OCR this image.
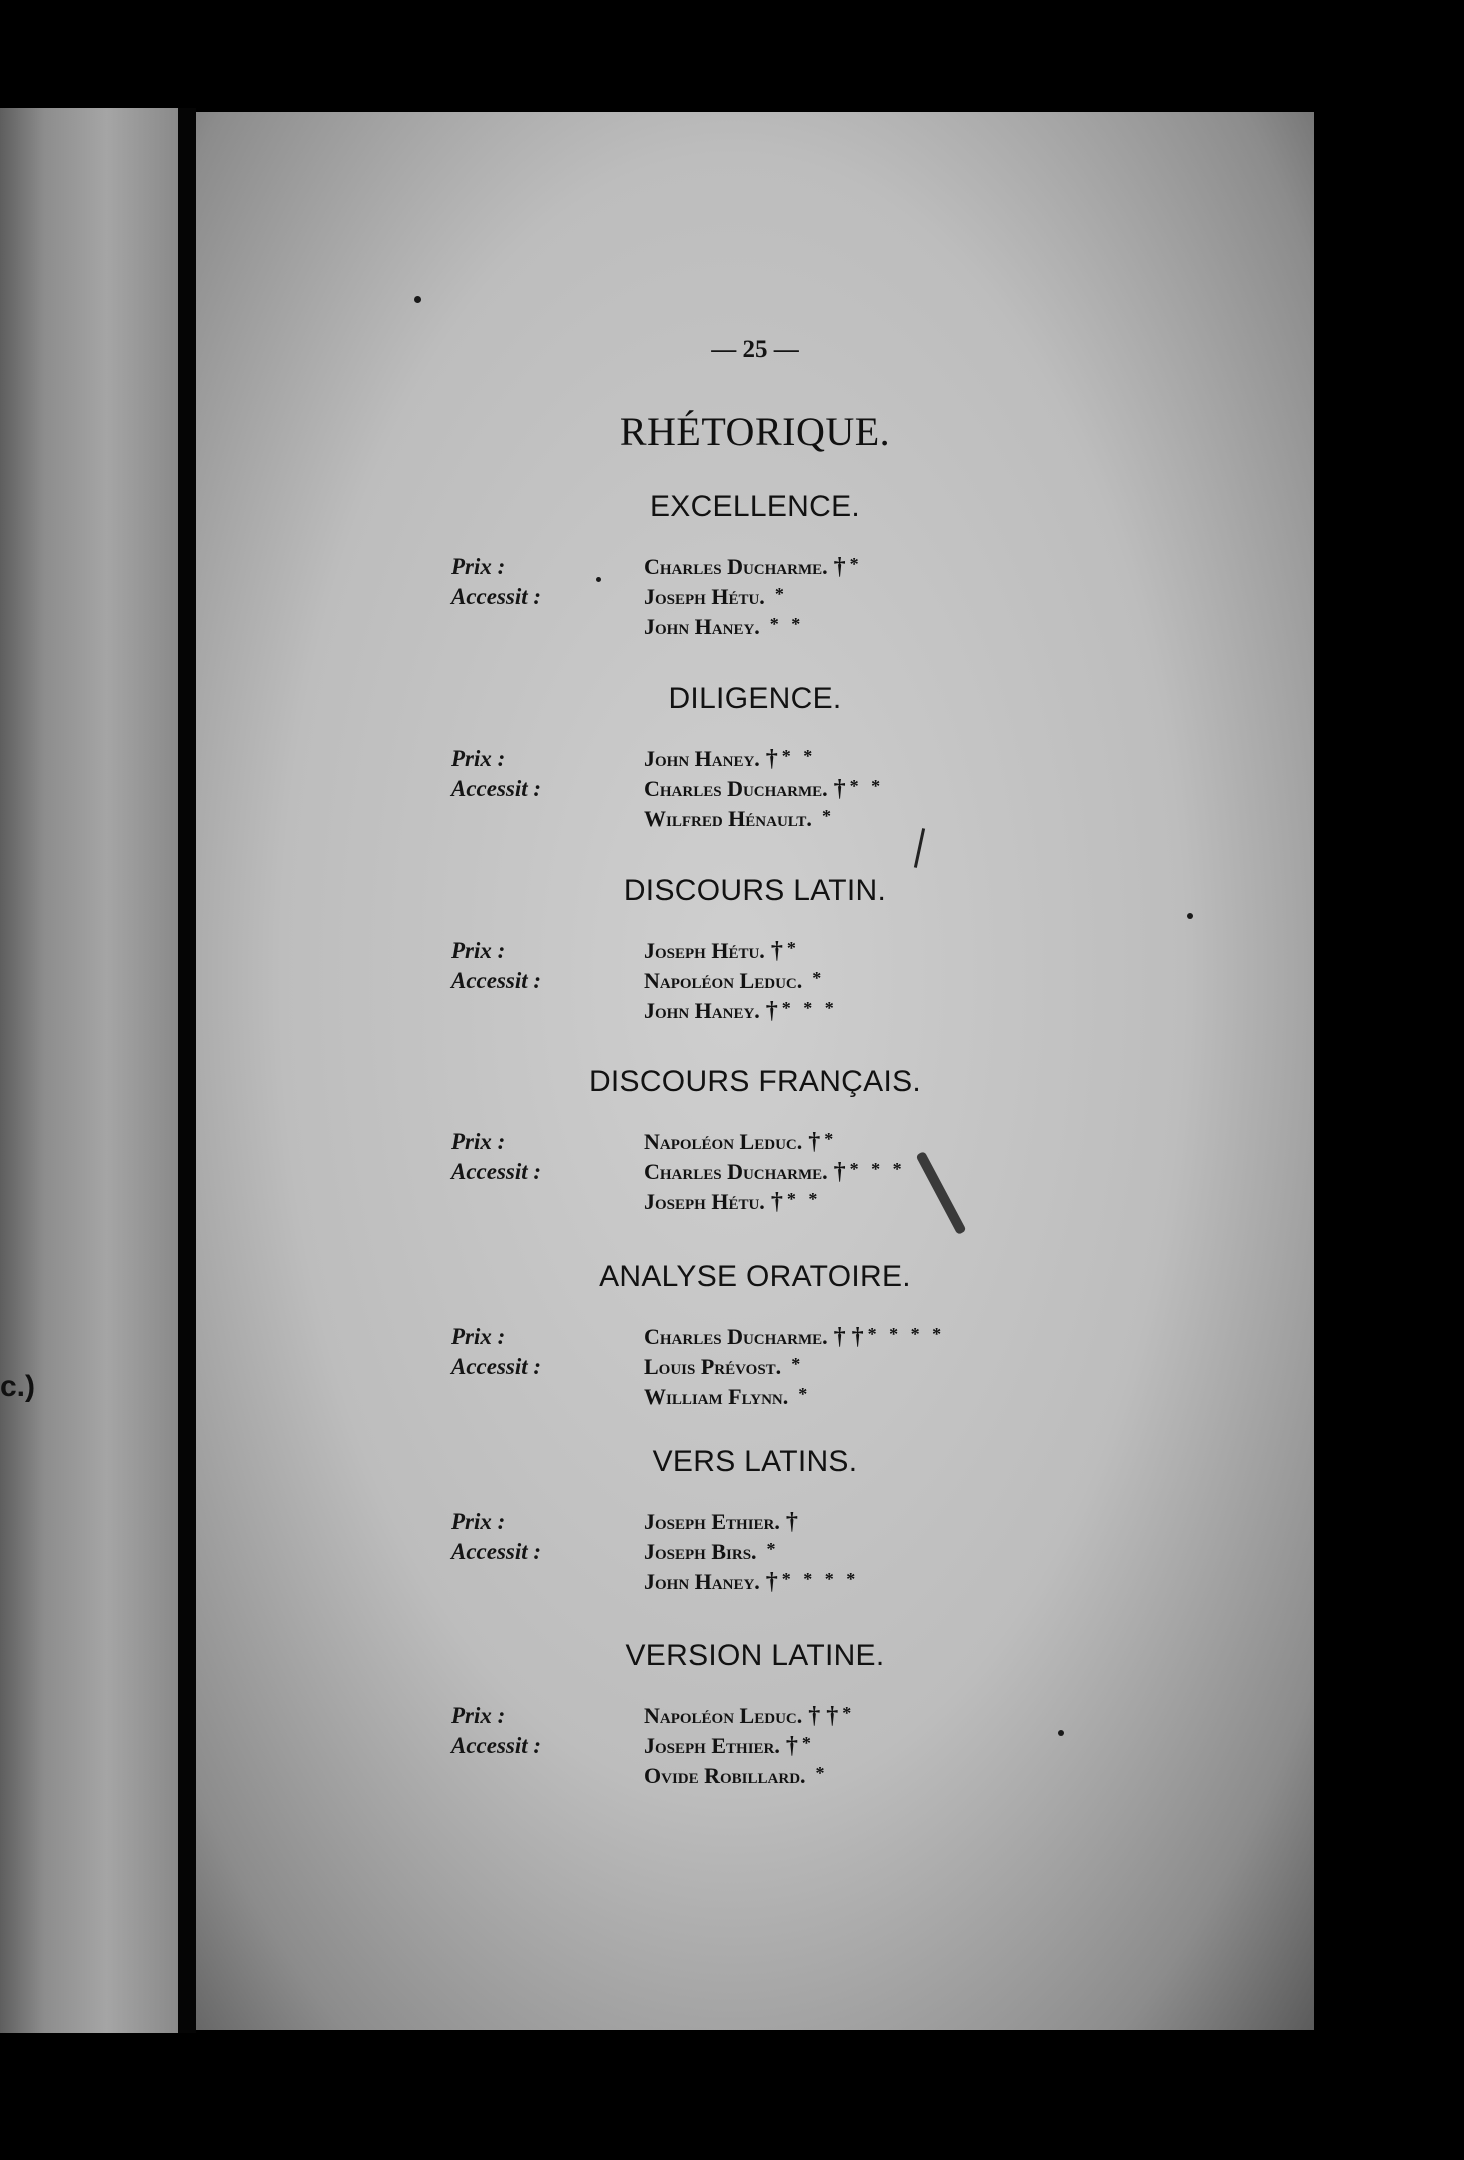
c.)
— 25 —
RHÉTORIQUE.
EXCELLENCE.
Prix :	Charles Ducharme. † *
Accessit :	Joseph Hétu. *
John Haney. * *
DILIGENCE.
Prix :	John Haney. † * *
Accessit :	Charles Ducharme. † * *
Wilfred Hénault. *
DISCOURS LATIN.
Prix :	Joseph Hétu. † *
Accessit :	Napoléon Leduc. *
John Haney. † * * *
DISCOURS FRANÇAIS.
Prix :	Napoléon Leduc. † *
Accessit :	Charles Ducharme. † * * *
Joseph Hétu. † * *
ANALYSE ORATOIRE.
Prix :	Charles Ducharme. † † * * * *
Accessit :	Louis Prévost. *
William Flynn. *
VERS LATINS.
Prix :	Joseph Ethier. †
Accessit :	Joseph Birs. *
John Haney. † * * * *
VERSION LATINE.
Prix :	Napoléon Leduc. † † *
Accessit :	Joseph Ethier. † *
Ovide Robillard. *
